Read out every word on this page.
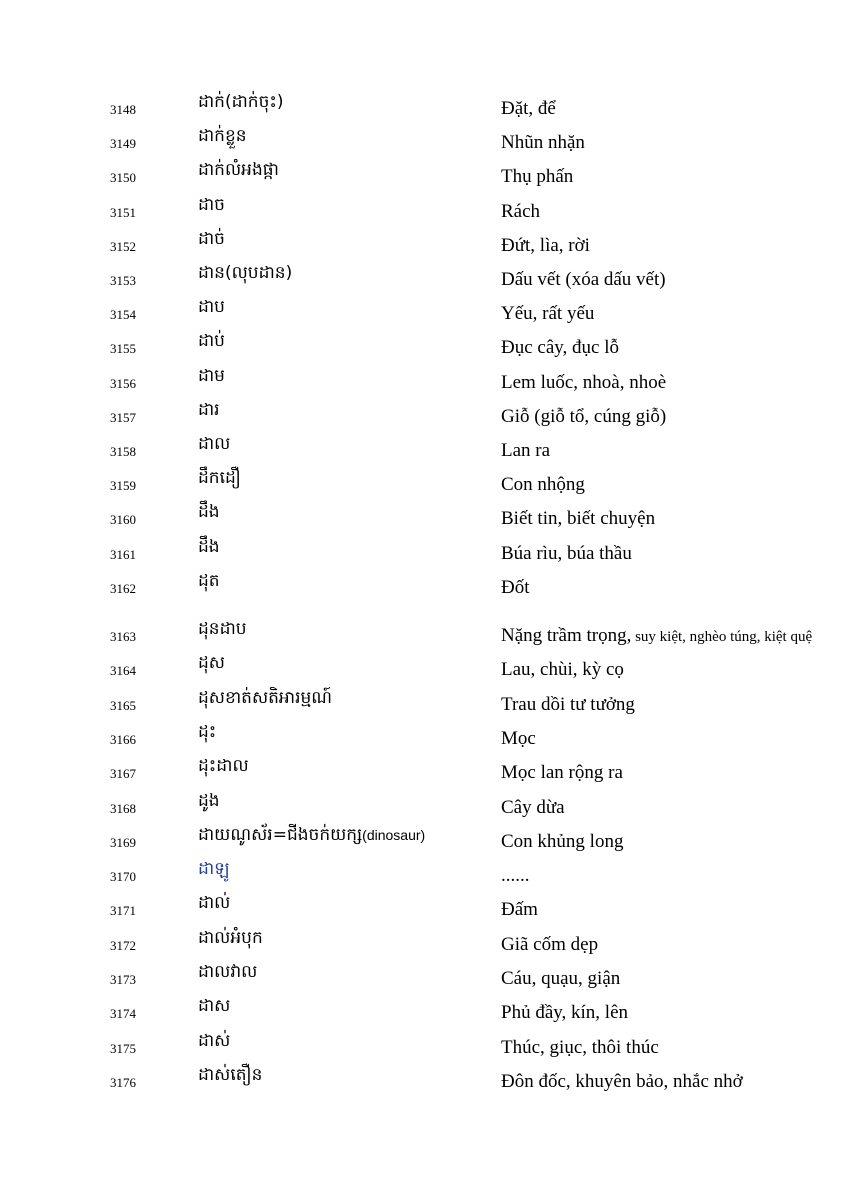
3148	ដាក់(ដាក់ចុះ)	Đặt, để
3149	ដាក់ខ្លួន	Nhũn nhặn
3150	ដាក់លំអងផ្កា	Thụ phấn
3151	ដាច	Rách
3152	ដាច់	Đứt, lìa, rời
3153	ដាន(លុបដាន)	Dấu vết (xóa dấu vết)
3154	ដាប	Yếu, rất yếu
3155	ដាប់	Đục cây, đục lỗ
3156	ដាម	Lem luốc, nhoà, nhoè
3157	ដារ	Giỗ (giỗ tổ, cúng giỗ)
3158	ដាល	Lan ra
3159	ដឹកដឿ	Con nhộng
3160	ដឹង	Biết tin, biết chuyện
3161	ដឹង	Búa rìu, búa thầu
3162	ដុត	Đốt
3163	ដុនដាប	Nặng trầm trọng, suy kiệt, nghèo túng, kiệt quệ
3164	ដុស	Lau, chùi, kỳ cọ
3165	ដុសខាត់សតិអារម្មណ៍	Trau dồi tư tưởng
3166	ដុះ	Mọc
3167	ដុះដាល	Mọc lan rộng ra
3168	ដូង	Cây dừa
3169	ដាយណូស័រ=ជីងចក់យក្ស(dinosaur)	Con khủng long
3170	ដាឡូ	......
3171	ដាល់	Đấm
3172	ដាល់អំបុក	Giã cốm dẹp
3173	ដាលវាល	Cáu, quạu, giận
3174	ដាស	Phủ đầy, kín, lên
3175	ដាស់	Thúc, giục, thôi thúc
3176	ដាស់តឿន	Đôn đốc, khuyên bảo, nhắc nhở
